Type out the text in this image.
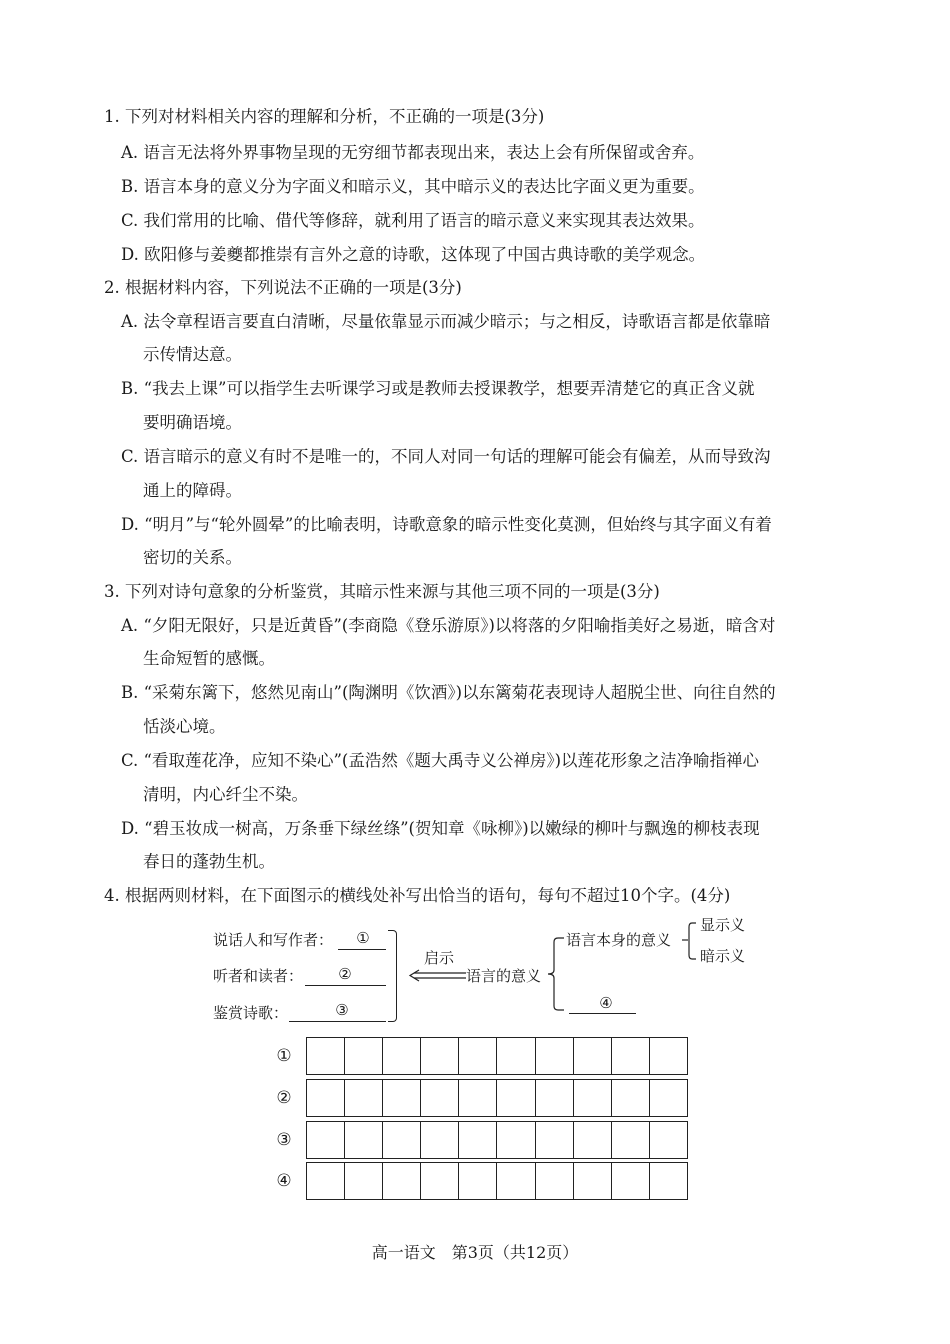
1. 下列对材料相关内容的理解和分析，不正确的一项是(3分)
A. 语言无法将外界事物呈现的无穷细节都表现出来，表达上会有所保留或舍弃。
B. 语言本身的意义分为字面义和暗示义，其中暗示义的表达比字面义更为重要。
C. 我们常用的比喻、借代等修辞，就利用了语言的暗示意义来实现其表达效果。
D. 欧阳修与姜夔都推崇有言外之意的诗歌，这体现了中国古典诗歌的美学观念。
2. 根据材料内容，下列说法不正确的一项是(3分)
A. 法令章程语言要直白清晰，尽量依靠显示而减少暗示；与之相反，诗歌语言都是依靠暗
示传情达意。
B. “我去上课”可以指学生去听课学习或是教师去授课教学，想要弄清楚它的真正含义就
要明确语境。
C. 语言暗示的意义有时不是唯一的，不同人对同一句话的理解可能会有偏差，从而导致沟
通上的障碍。
D. “明月”与“轮外圆晕”的比喻表明，诗歌意象的暗示性变化莫测，但始终与其字面义有着
密切的关系。
3. 下列对诗句意象的分析鉴赏，其暗示性来源与其他三项不同的一项是(3分)
A. “夕阳无限好，只是近黄昏”(李商隐《登乐游原》)以将落的夕阳喻指美好之易逝，暗含对
生命短暂的感慨。
B. “采菊东篱下，悠然见南山”(陶渊明《饮酒》)以东篱菊花表现诗人超脱尘世、向往自然的
恬淡心境。
C. “看取莲花净，应知不染心”(孟浩然《题大禹寺义公禅房》)以莲花形象之洁净喻指禅心
清明，内心纤尘不染。
D. “碧玉妆成一树高，万条垂下绿丝绦”(贺知章《咏柳》)以嫩绿的柳叶与飘逸的柳枝表现
春日的蓬勃生机。
4. 根据两则材料，在下面图示的横线处补写出恰当的语句，每句不超过10个字。(4分)
说话人和写作者：	①
听者和读者：	②
鉴赏诗歌：	③
启示
语言的意义
语言本身的意义
显示义
暗示义
④
①
②
③
④
高一语文　第3页（共12页）
